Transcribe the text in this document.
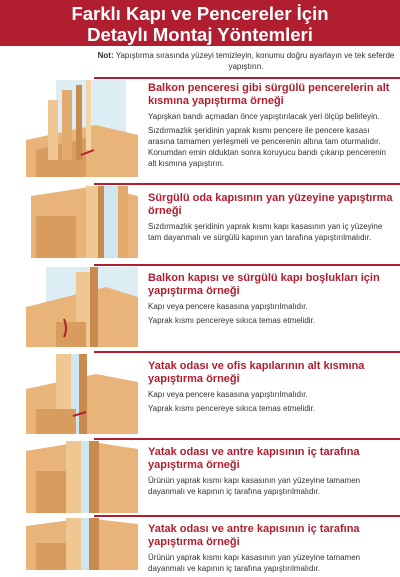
Farklı Kapı ve Pencereler İçin
Detaylı Montaj Yöntemleri
Not: Yapıştırma sırasında yüzeyi temizleyin, konumu doğru ayarlayın ve tek seferde yapıştırın.
Balkon penceresi gibi sürgülü pencerelerin alt kısmına yapıştırma örneği

Yapışkan bandı açmadan önce yapıştırılacak yeri ölçüp belirleyin.

Sızdırmazlık şeridinin yaprak kısmı pencere ile pencere kasası arasına tamamen yerleşmeli ve pencerenin altına tam oturmalıdır. Konumdan emin olduktan sonra koruyucu bandı çıkarıp pencerenin alt kısmına yapıştırın.

Sürgülü oda kapısının yan yüzeyine yapıştırma örneği

Sızdırmazlık şeridinin yaprak kısmı kapı kasasının yan iç yüzeyine tam dayanmalı ve sürgülü kapının yan tarafına yapıştırılmalıdır.

Balkon kapısı ve sürgülü kapı boşlukları için yapıştırma örneği

Kapı veya pencere kasasına yapıştırılmalıdır.

Yaprak kısmı pencereye sıkıca temas etmelidir.

Yatak odası ve ofis kapılarının alt kısmına yapıştırma örneği

Kapı veya pencere kasasına yapıştırılmalıdır.

Yaprak kısmı pencereye sıkıca temas etmelidir.

Yatak odası ve antre kapısının iç tarafına yapıştırma örneği

Ürünün yaprak kısmı kapı kasasının yan yüzeyine tamamen dayanmalı ve kapının iç tarafına yapıştırılmalıdır.

Yatak odası ve antre kapısının iç tarafına yapıştırma örneği

Ürünün yaprak kısmı kapı kasasının yan yüzeyine tamamen dayanmalı ve kapının iç tarafına yapıştırılmalıdır.
